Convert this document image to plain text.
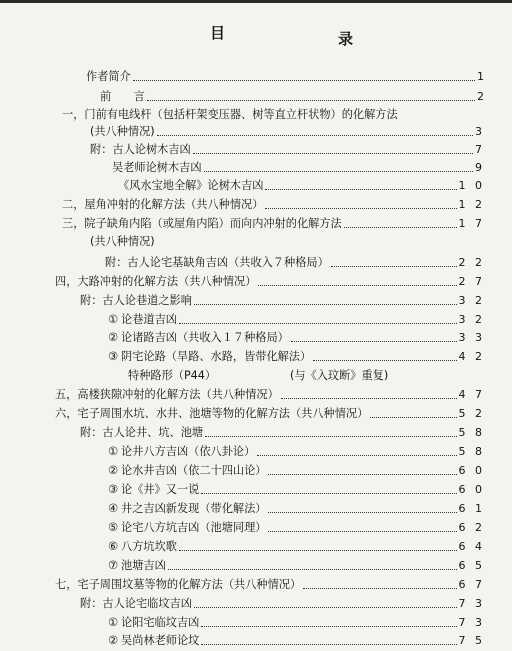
目	录
作者简介	1
前　　言	2
一，门前有电线杆（包括杆架变压器、树等直立杆状物）的化解方法
(共八种情况)	3
附：古人论树木吉凶	7
吴老师论树木吉凶	9
《风水宝地全解》论树木吉凶	1 0
二，屋角冲射的化解方法（共八种情况）	1 2
三，院子缺角内陷（或屋角内陷）而向内冲射的化解方法	1 7
(共八种情况)
附：古人论宅基缺角吉凶（共收入７种格局）	2 2
四，大路冲射的化解方法（共八种情况）	2 7
附：古人论巷道之影响	3 2
① 论巷道吉凶	3 2
② 论诸路吉凶（共收入１７种格局）	3 3
③ 阴宅论路（旱路、水路，皆带化解法）	4 2
特种路形（P44）	(与《入玟断》重复)
五，高楼狭隙冲射的化解方法（共八种情况）	4 7
六，宅子周围水坑、水井、池塘等物的化解方法（共八种情况）	5 2
附：古人论井、坑、池塘	5 8
① 论井八方吉凶（依八卦论）	5 8
② 论水井吉凶（依二十四山论）	6 0
③ 论《井》又一说	6 0
④ 井之吉凶新发现（带化解法）	6 1
⑤ 论宅八方坑吉凶（池塘同理）	6 2
⑥ 八方坑坎歌	6 4
⑦ 池塘吉凶	6 5
七，宅子周围坟墓等物的化解方法（共八种情况）	6 7
附：古人论宅临坟吉凶	7 3
① 论阳宅临坟吉凶	7 3
② 吴尚林老师论坟	7 5
